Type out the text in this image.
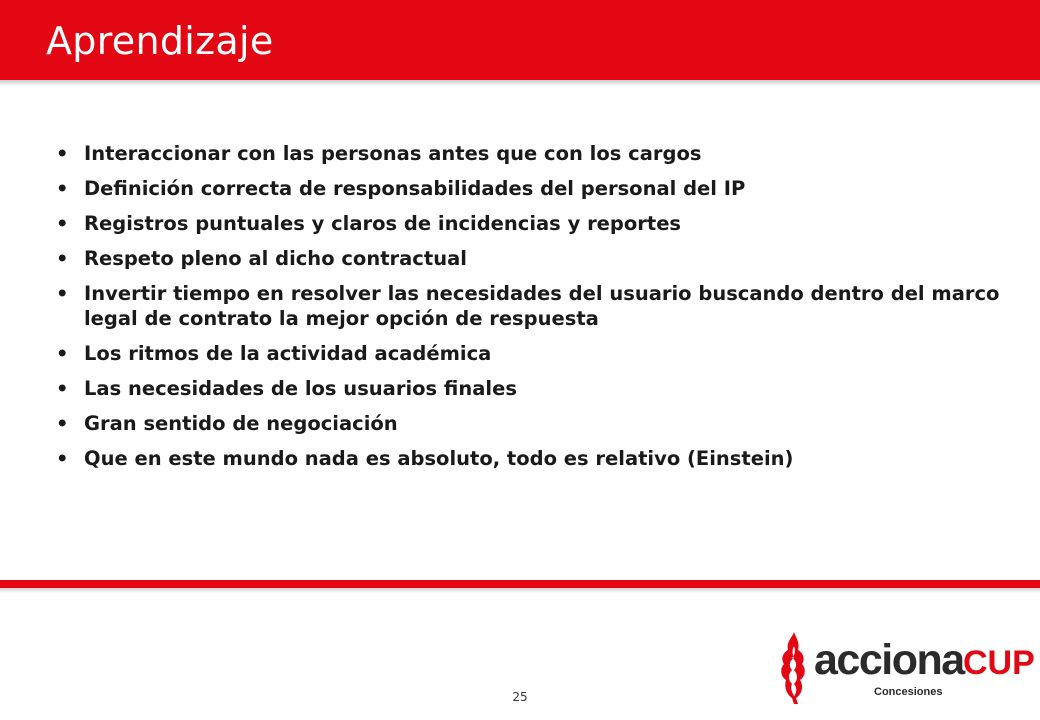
Aprendizaje
• Interaccionar con las personas antes que con los cargos
• Definición correcta de responsabilidades del personal del IP
• Registros puntuales y claros de incidencias y reportes
• Respeto pleno al dicho contractual
• Invertir tiempo en resolver las necesidades del usuario buscando dentro del marco legal de contrato la mejor opción de respuesta
• Los ritmos de la actividad académica
• Las necesidades de los usuarios finales
• Gran sentido de negociación
• Que en este mundo nada es absoluto, todo es relativo (Einstein)
25
acciona CUP
Concesiones
